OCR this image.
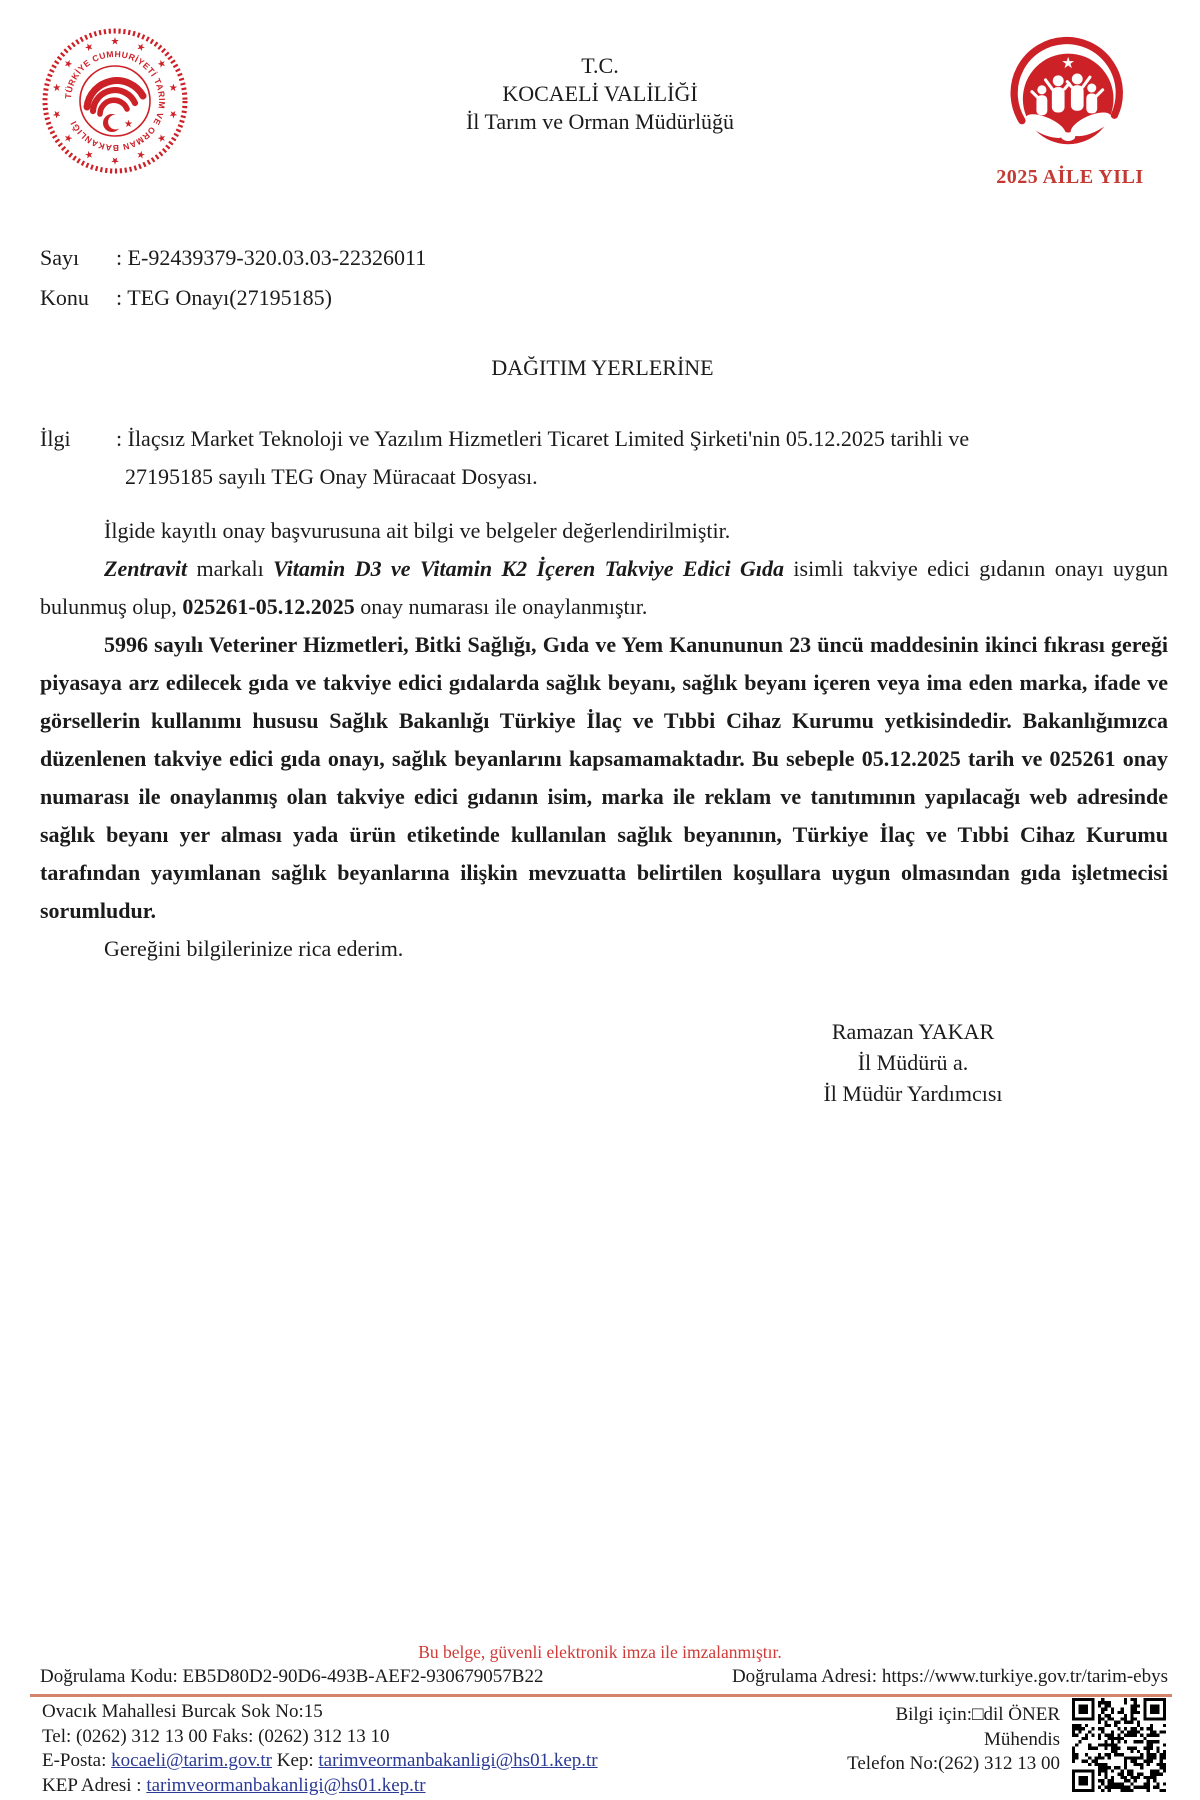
★ ★
★
★
★
★
★
★
★
★
★
★
★
★
TÜRKİYE CUMHURİYETİ TARIM VE ORMAN BAKANLIĞI	★
T.C.
KOCAELİ VALİLİĞİ
İl Tarım ve Orman Müdürlüğü
★
2025 AİLE YILI
Sayı	: E-92439379-320.03.03-22326011
Konu	: TEG Onayı(27195185)
DAĞITIM YERLERİNE
İlgi	: İlaçsız Market Teknoloji ve Yazılım Hizmetleri Ticaret Limited Şirketi'nin 05.12.2025 tarihli ve
27195185 sayılı TEG Onay Müracaat Dosyası.

İlgide kayıtlı onay başvurusuna ait bilgi ve belgeler değerlendirilmiştir.

Zentravit markalı Vitamin D3 ve Vitamin K2 İçeren Takviye Edici Gıda isimli takviye edici gıdanın onayı uygun bulunmuş olup, 025261-05.12.2025 onay numarası ile onaylanmıştır.

5996 sayılı Veteriner Hizmetleri, Bitki Sağlığı, Gıda ve Yem Kanununun 23 üncü maddesinin ikinci fıkrası gereği piyasaya arz edilecek gıda ve takviye edici gıdalarda sağlık beyanı, sağlık beyanı içeren veya ima eden marka, ifade ve görsellerin kullanımı hususu Sağlık Bakanlığı Türkiye İlaç ve Tıbbi Cihaz Kurumu yetkisindedir. Bakanlığımızca düzenlenen takviye edici gıda onayı, sağlık beyanlarını kapsamamaktadır. Bu sebeple 05.12.2025 tarih ve 025261 onay numarası ile onaylanmış olan takviye edici gıdanın isim, marka ile reklam ve tanıtımının yapılacağı web adresinde sağlık beyanı yer alması yada ürün etiketinde kullanılan sağlık beyanının, Türkiye İlaç ve Tıbbi Cihaz Kurumu tarafından yayımlanan sağlık beyanlarına ilişkin mevzuatta belirtilen koşullara uygun olmasından gıda işletmecisi sorumludur.

Gereğini bilgilerinize rica ederim.

Ramazan YAKAR
İl Müdürü a.
İl Müdür Yardımcısı
Bu belge, güvenli elektronik imza ile imzalanmıştır.
Doğrulama Kodu: EB5D80D2-90D6-493B-AEF2-930679057B22	Doğrulama Adresi: https://www.turkiye.gov.tr/tarim-ebys
Ovacık Mahallesi Burcak Sok No:15
Tel: (0262) 312 13 00 Faks: (0262) 312 13 10
E-Posta: kocaeli@tarim.gov.tr Kep: tarimveormanbakanligi@hs01.kep.tr
KEP Adresi : tarimveormanbakanligi@hs01.kep.tr
Bilgi için:□dil ÖNER
Mühendis
Telefon No:(262) 312 13 00
